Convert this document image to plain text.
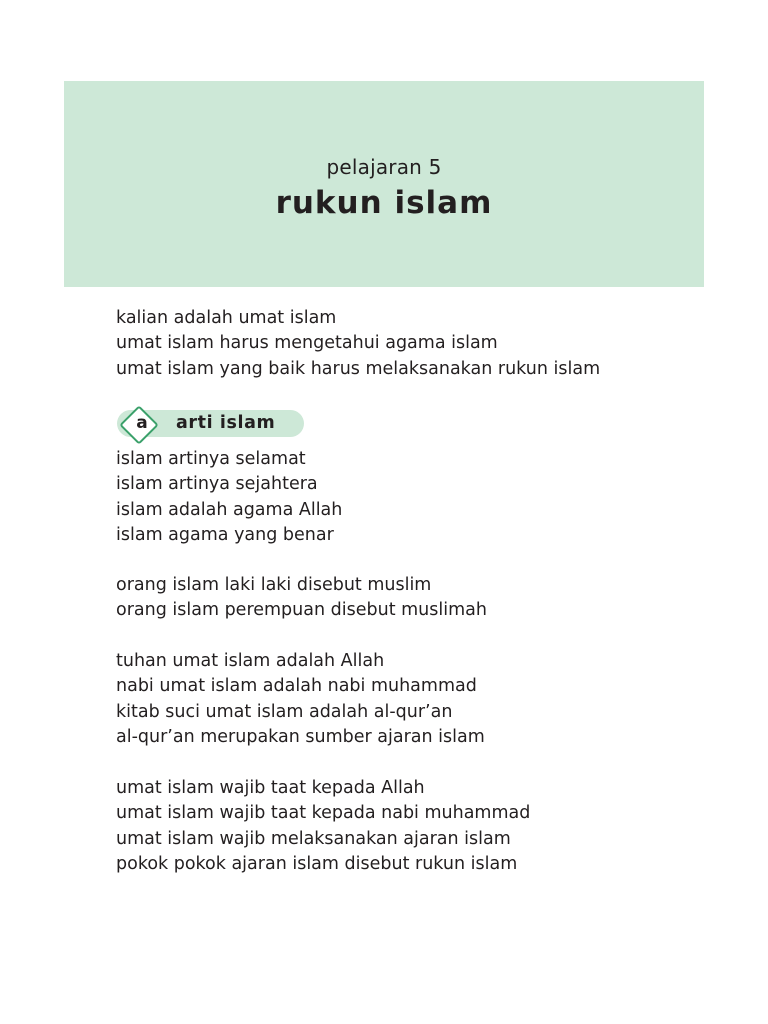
pelajaran 5
rukun islam
kalian adalah umat islam
umat islam harus mengetahui agama islam
umat islam yang baik harus melaksanakan rukun islam
a	arti islam
islam artinya selamat
islam artinya sejahtera
islam adalah agama Allah
islam agama yang benar
orang islam laki laki disebut muslim
orang islam perempuan disebut muslimah
tuhan umat islam adalah Allah
nabi umat islam adalah nabi muhammad
kitab suci umat islam adalah al-qur’an
al-qur’an merupakan sumber ajaran islam
umat islam wajib taat kepada Allah
umat islam wajib taat kepada nabi muhammad
umat islam wajib melaksanakan ajaran islam
pokok pokok ajaran islam disebut rukun islam
